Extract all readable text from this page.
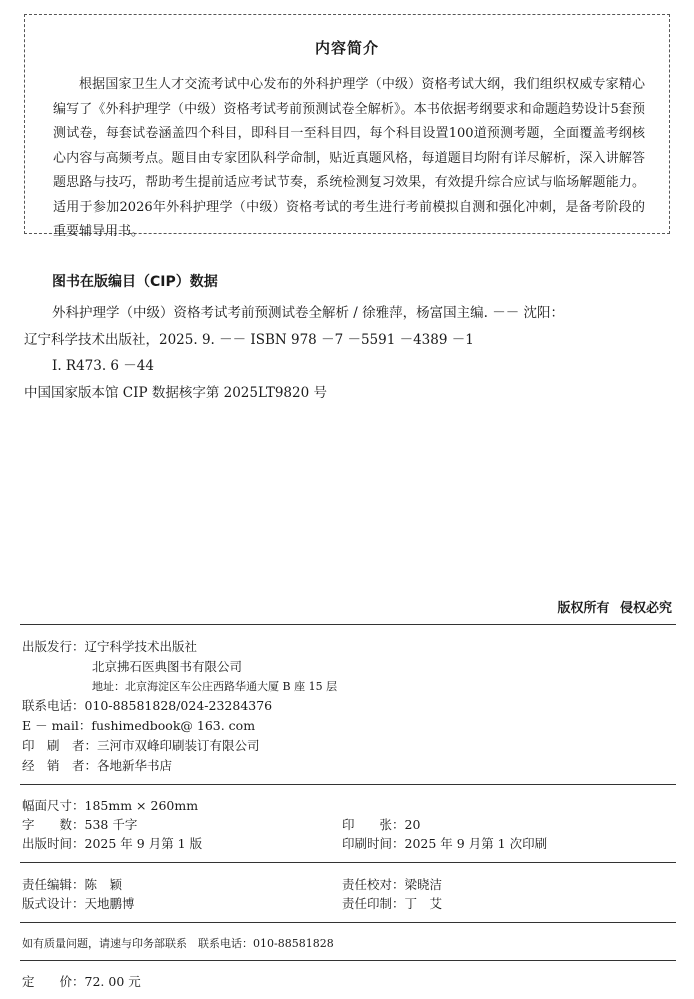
内容简介
根据国家卫生人才交流考试中心发布的外科护理学（中级）资格考试大纲，我们组织权威专家精心编写了《外科护理学（中级）资格考试考前预测试卷全解析》。本书依据考纲要求和命题趋势设计5套预测试卷，每套试卷涵盖四个科目，即科目一至科目四，每个科目设置100道预测考题，全面覆盖考纲核心内容与高频考点。题目由专家团队科学命制，贴近真题风格，每道题目均附有详尽解析，深入讲解答题思路与技巧，帮助考生提前适应考试节奏，系统检测复习效果，有效提升综合应试与临场解题能力。适用于参加2026年外科护理学（中级）资格考试的考生进行考前模拟自测和强化冲刺，是备考阶段的重要辅导用书。
图书在版编目（CIP）数据
外科护理学（中级）资格考试考前预测试卷全解析 / 徐雅萍，杨富国主编. －－ 沈阳：
辽宁科学技术出版社，2025. 9. －－ ISBN 978 －7 －5591 －4389 －1
Ⅰ. R473. 6 －44
中国国家版本馆 CIP 数据核字第 2025LT9820 号
版权所有 侵权必究
出版发行：辽宁科学技术出版社
北京拂石医典图书有限公司
地址：北京海淀区车公庄西路华通大厦 B 座 15 层
联系电话：010-88581828/024-23284376
E － mail：fushimedbook@ 163. com
印　刷　者：三河市双峰印刷装订有限公司
经　销　者：各地新华书店
幅面尺寸：185mm × 260mm
字　　数：538 千字	印　　张：20
出版时间：2025 年 9 月第 1 版	印刷时间：2025 年 9 月第 1 次印刷
责任编辑：陈　颖	责任校对：梁晓洁
版式设计：天地鹏博	责任印制：丁　艾
如有质量问题，请速与印务部联系　联系电话：010-88581828
定　　价：72. 00 元
